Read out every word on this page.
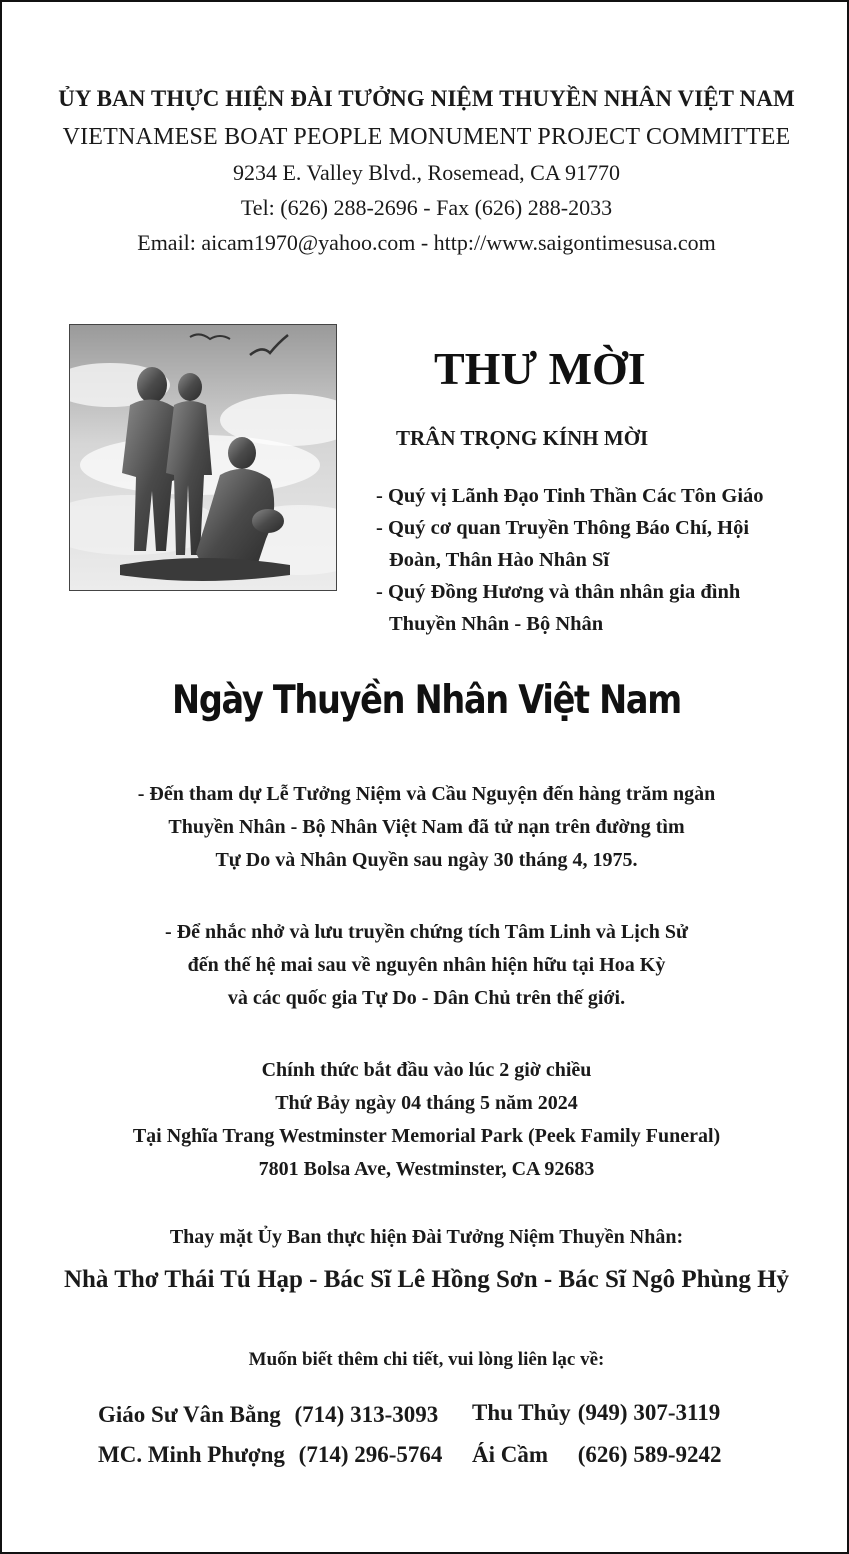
ỦY BAN THỰC HIỆN ĐÀI TƯỞNG NIỆM THUYỀN NHÂN VIỆT NAM
VIETNAMESE BOAT PEOPLE MONUMENT PROJECT COMMITTEE
9234 E. Valley Blvd., Rosemead, CA 91770
Tel: (626) 288-2696 - Fax (626) 288-2033
Email: aicam1970@yahoo.com - http://www.saigontimesusa.com
THƯ MỜI
TRÂN TRỌNG KÍNH MỜI
- Quý vị Lãnh Đạo Tinh Thần Các Tôn Giáo
- Quý cơ quan Truyền Thông Báo Chí, Hội
Đoàn, Thân Hào Nhân Sĩ
- Quý Đồng Hương và thân nhân gia đình
Thuyền Nhân - Bộ Nhân
Ngày Thuyền Nhân Việt Nam
- Đến tham dự Lễ Tưởng Niệm và Cầu Nguyện đến hàng trăm ngàn
Thuyền Nhân - Bộ Nhân Việt Nam đã tử nạn trên đường tìm
Tự Do và Nhân Quyền sau ngày 30 tháng 4, 1975.
- Để nhắc nhở và lưu truyền chứng tích Tâm Linh và Lịch Sử
đến thế hệ mai sau về nguyên nhân hiện hữu tại Hoa Kỳ
và các quốc gia Tự Do - Dân Chủ trên thế giới.
Chính thức bắt đầu vào lúc 2 giờ chiều
Thứ Bảy ngày 04 tháng 5 năm 2024
Tại Nghĩa Trang Westminster Memorial Park (Peek Family Funeral)
7801 Bolsa Ave, Westminster, CA 92683
Thay mặt Ủy Ban thực hiện Đài Tưởng Niệm Thuyền Nhân:
Nhà Thơ Thái Tú Hạp - Bác Sĩ Lê Hồng Sơn - Bác Sĩ Ngô Phùng Hỷ
Muốn biết thêm chi tiết, vui lòng liên lạc về:
Giáo Sư Vân Bằng (714) 313-3093
MC. Minh Phượng (714) 296-5764
Thu Thủy (949) 307-3119
Ái Cầm (626) 589-9242
